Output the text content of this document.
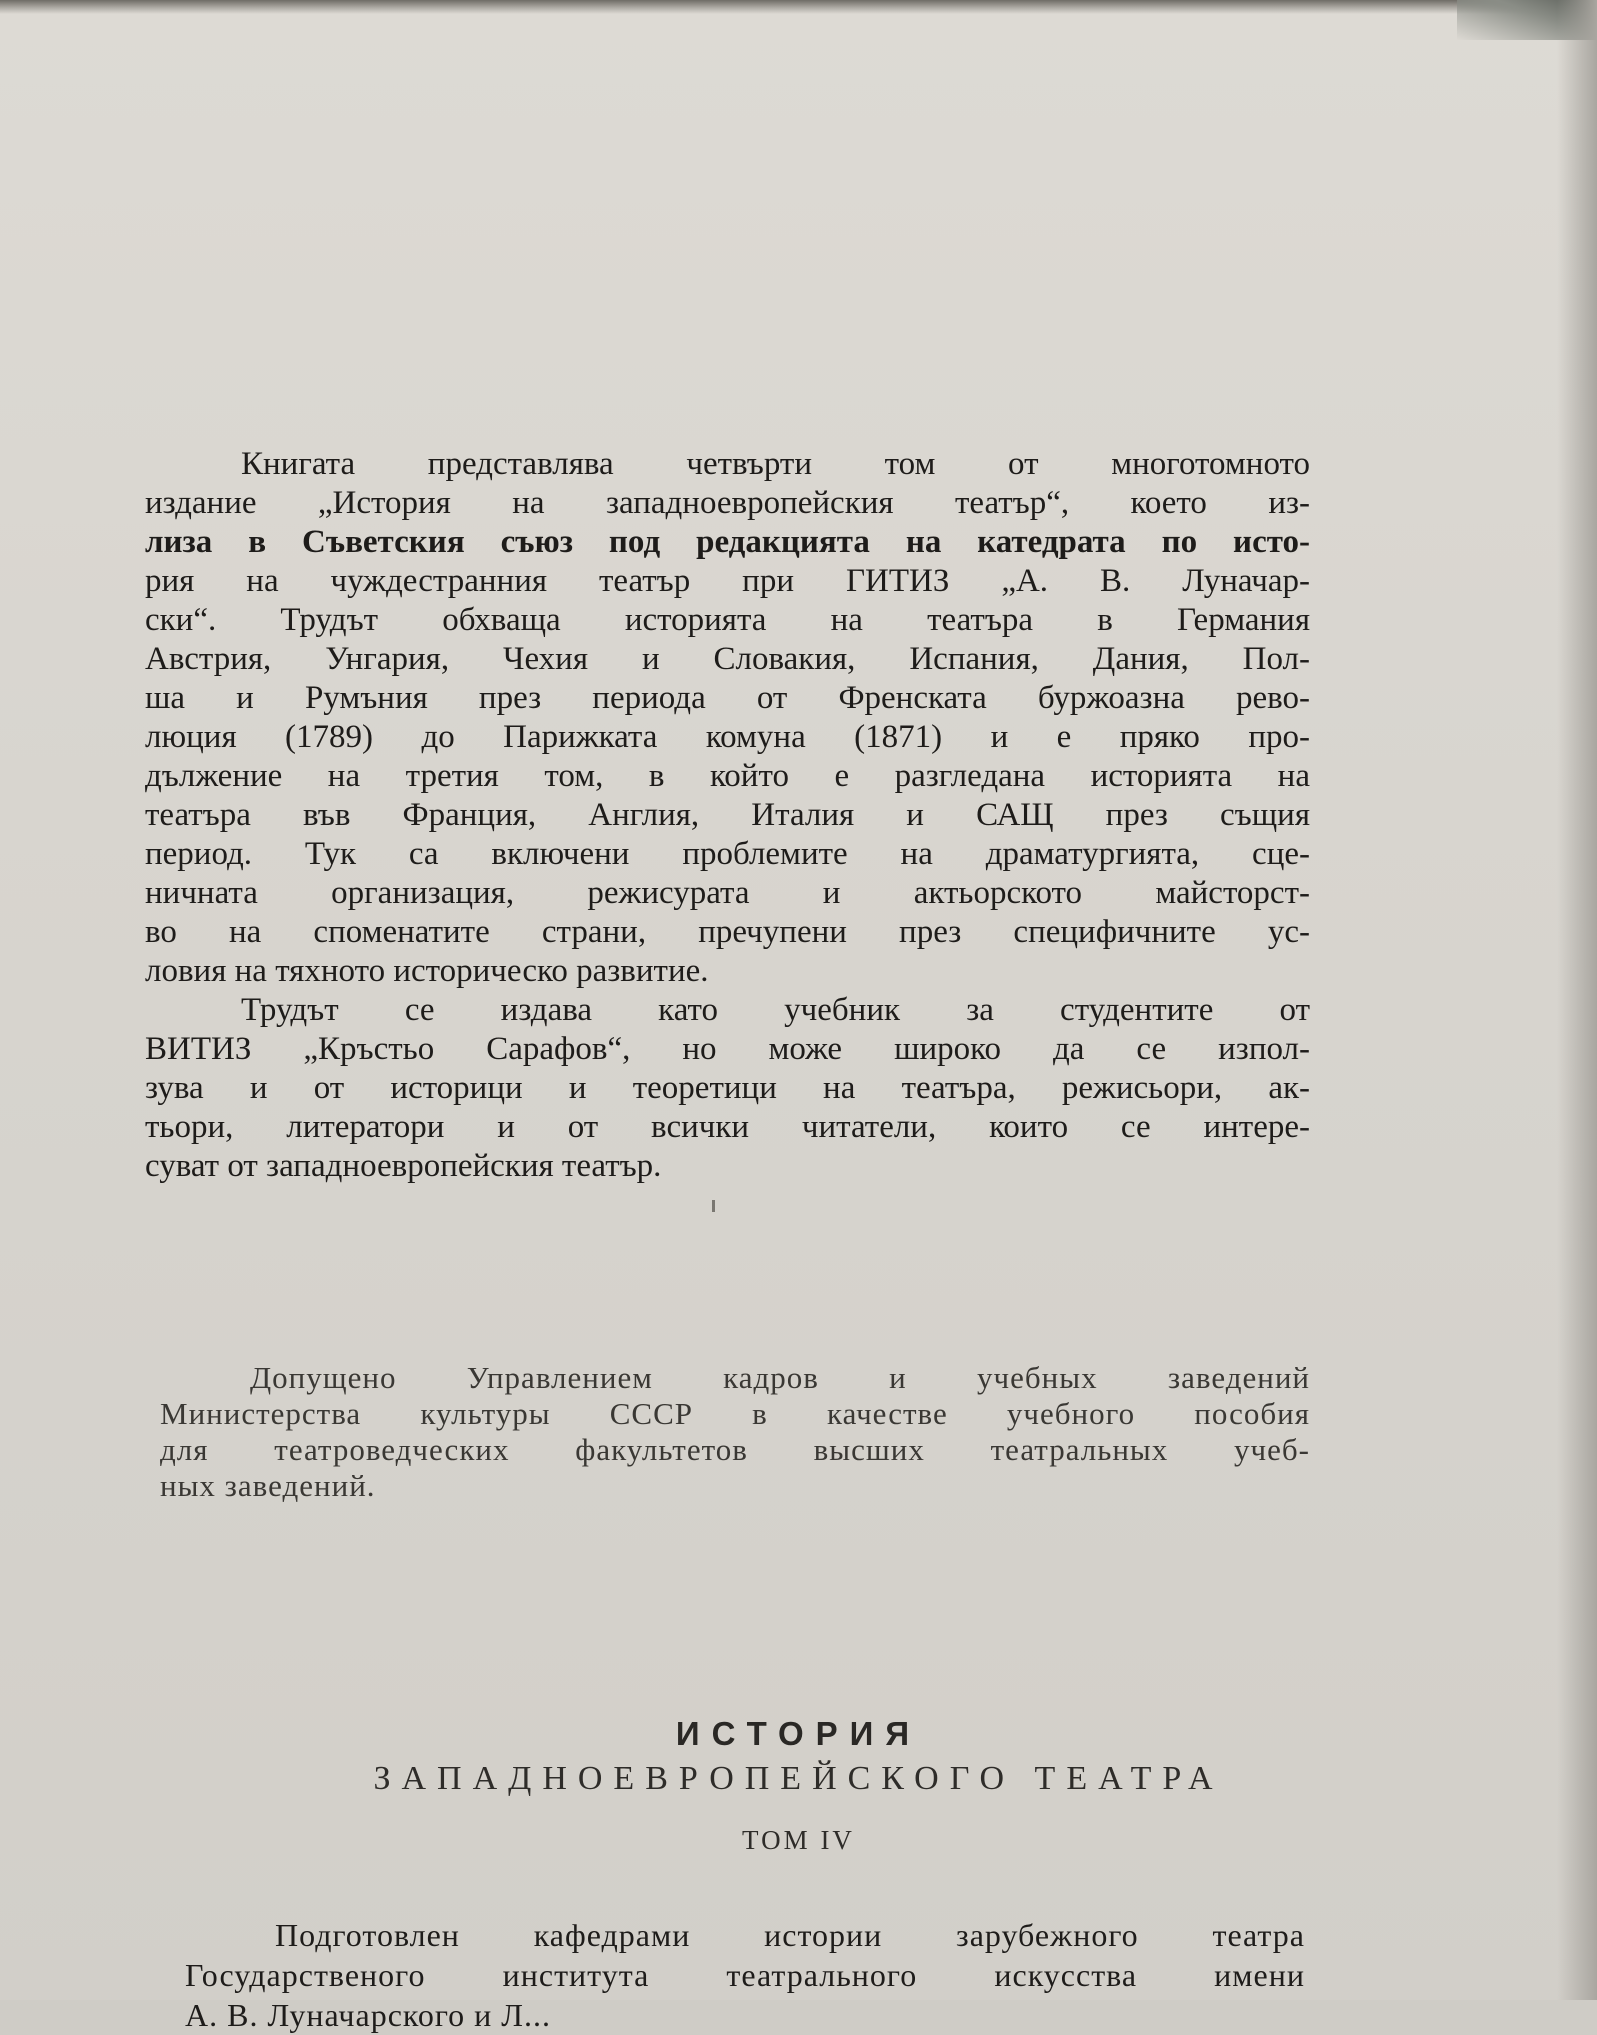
Книгата представлява четвърти том от многотомното
издание „История на западноевропейския театър“, което из-
лиза в Съветския съюз под редакцията на катедрата по исто-
рия на чуждестранния театър при ГИТИЗ „А. В. Луначар-
ски“. Трудът обхваща историята на театъра в Германия
Австрия, Унгария, Чехия и Словакия, Испания, Дания, Пол-
ша и Румъния през периода от Френската буржоазна рево-
люция (1789) до Парижката комуна (1871) и е пряко про-
дължение на третия том, в който е разгледана историята на
театъра във Франция, Англия, Италия и САЩ през същия
период. Тук са включени проблемите на драматургията, сце-
ничната организация, режисурата и актьорското майсторст-
во на споменатите страни, пречупени през специфичните ус-
ловия на тяхното историческо развитие.
Трудът се издава като учебник за студентите от
ВИТИЗ „Кръстьо Сарафов“, но може широко да се изпол-
зува и от историци и теоретици на театъра, режисьори, ак-
тьори, литератори и от всички читатели, които се интере-
суват от западноевропейския театър.
Допущено Управлением кадров и учебных заведений
Министерства культуры СССР в качестве учебного пособия
для театроведческих факультетов высших театральных учеб-
ных заведений.
ИСТОРИЯ
ЗАПАДНОЕВРОПЕЙСКОГО ТЕАТРА
ТОМ IV
Подготовлен кафедрами истории зарубежного театра
Государственого института театрального искусства имени
А. В. Луначарского и Л...
